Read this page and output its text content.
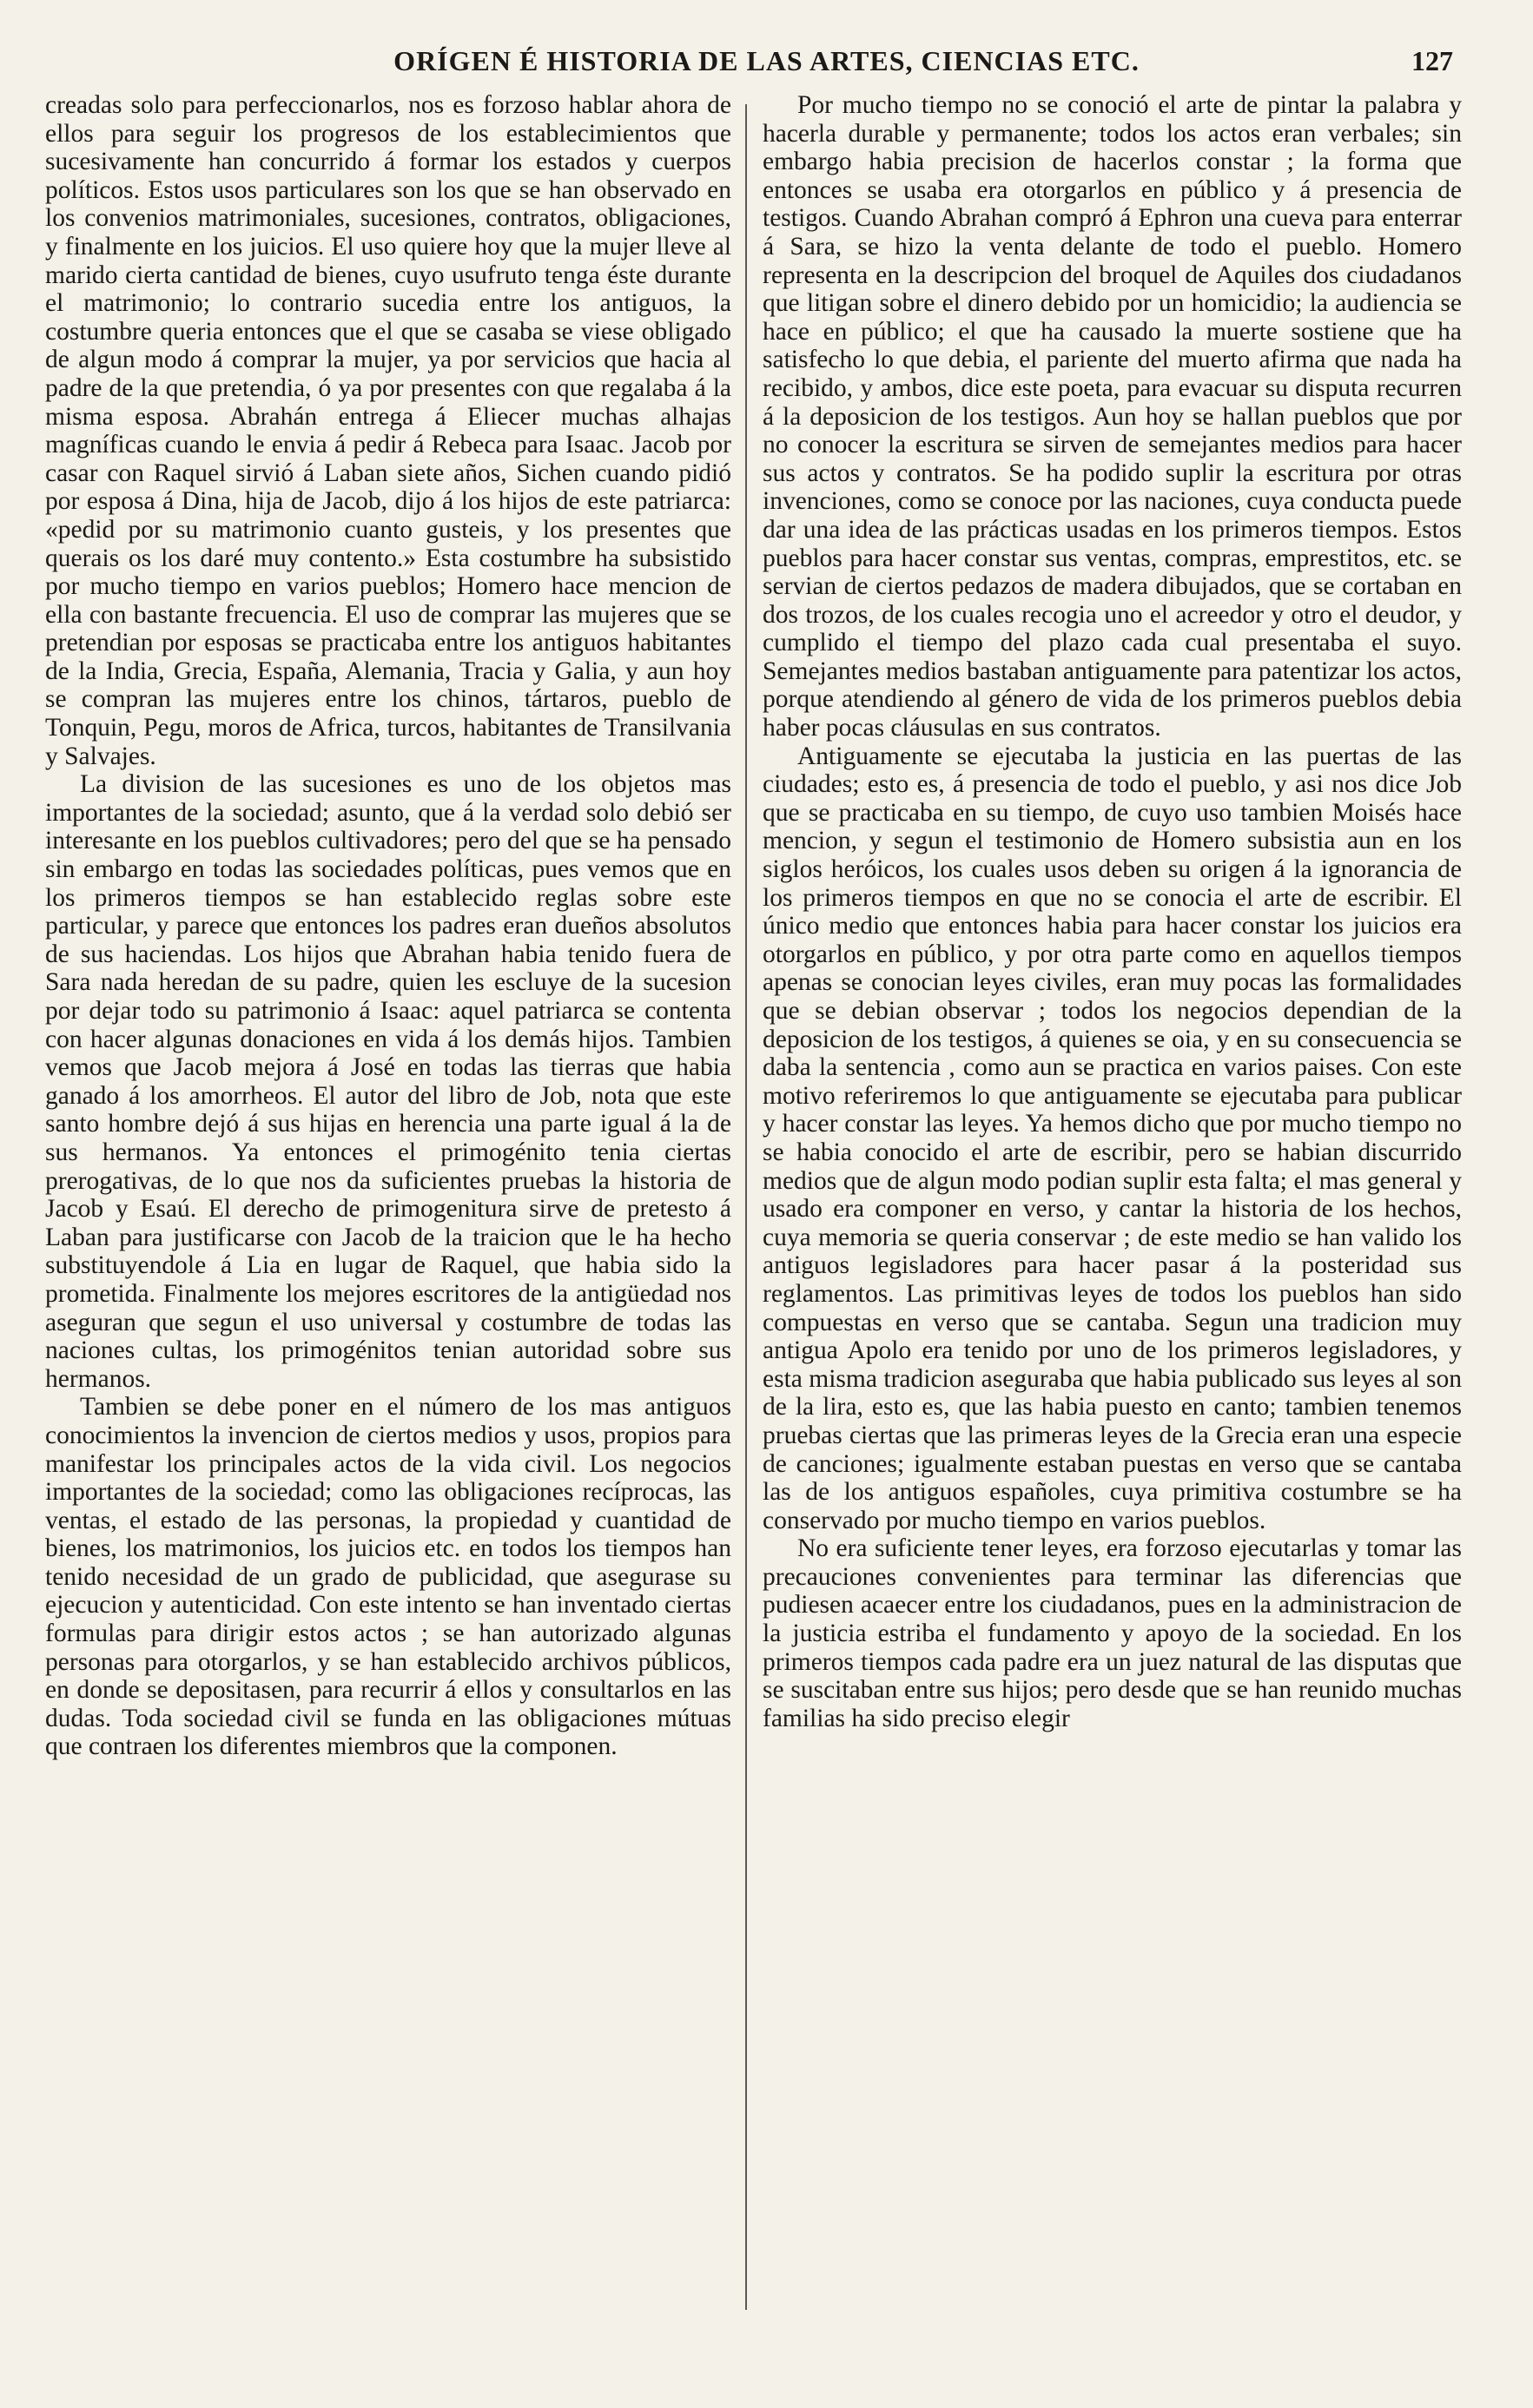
ORÍGEN É HISTORIA DE LAS ARTES, CIENCIAS ETC.	127

creadas solo para perfeccionarlos, nos es forzoso hablar ahora de ellos para seguir los progresos de los establecimientos que sucesivamente han concurrido á formar los estados y cuerpos políticos. Estos usos particulares son los que se han observado en los convenios matrimoniales, sucesiones, contratos, obligaciones, y finalmente en los juicios. El uso quiere hoy que la mujer lleve al marido cierta cantidad de bienes, cuyo usufruto tenga éste durante el matrimonio; lo contrario sucedia entre los antiguos, la costumbre queria entonces que el que se casaba se viese obligado de algun modo á comprar la mujer, ya por servicios que hacia al padre de la que pretendia, ó ya por presentes con que regalaba á la misma esposa. Abrahán entrega á Eliecer muchas alhajas magníficas cuando le envia á pedir á Rebeca para Isaac. Jacob por casar con Raquel sirvió á Laban siete años, Sichen cuando pidió por esposa á Dina, hija de Jacob, dijo á los hijos de este patriarca: «pedid por su matrimonio cuanto gusteis, y los presentes que querais os los daré muy contento.» Esta costumbre ha subsistido por mucho tiempo en varios pueblos; Homero hace mencion de ella con bastante frecuencia. El uso de comprar las mujeres que se pretendian por esposas se practicaba entre los antiguos habitantes de la India, Grecia, España, Alemania, Tracia y Galia, y aun hoy se compran las mujeres entre los chinos, tártaros, pueblo de Tonquin, Pegu, moros de Africa, turcos, habitantes de Transilvania y Salvajes.

La division de las sucesiones es uno de los objetos mas importantes de la sociedad; asunto, que á la verdad solo debió ser interesante en los pueblos cultivadores; pero del que se ha pensado sin embargo en todas las sociedades políticas, pues vemos que en los primeros tiempos se han establecido reglas sobre este particular, y parece que entonces los padres eran dueños absolutos de sus haciendas. Los hijos que Abrahan habia tenido fuera de Sara nada heredan de su padre, quien les escluye de la sucesion por dejar todo su patrimonio á Isaac: aquel patriarca se contenta con hacer algunas donaciones en vida á los demás hijos. Tambien vemos que Jacob mejora á José en todas las tierras que habia ganado á los amorrheos. El autor del libro de Job, nota que este santo hombre dejó á sus hijas en herencia una parte igual á la de sus hermanos. Ya entonces el primogénito tenia ciertas prerogativas, de lo que nos da suficientes pruebas la historia de Jacob y Esaú. El derecho de primogenitura sirve de pretesto á Laban para justificarse con Jacob de la traicion que le ha hecho substituyendole á Lia en lugar de Raquel, que habia sido la prometida. Finalmente los mejores escritores de la antigüedad nos aseguran que segun el uso universal y costumbre de todas las naciones cultas, los primogénitos tenian autoridad sobre sus hermanos.

Tambien se debe poner en el número de los mas antiguos conocimientos la invencion de ciertos medios y usos, propios para manifestar los principales actos de la vida civil. Los negocios importantes de la sociedad; como las obligaciones recíprocas, las ventas, el estado de las personas, la propiedad y cuantidad de bienes, los matrimonios, los juicios etc. en todos los tiempos han tenido necesidad de un grado de publicidad, que asegurase su ejecucion y autenticidad. Con este intento se han inventado ciertas formulas para dirigir estos actos ; se han autorizado algunas personas para otorgarlos, y se han establecido archivos públicos, en donde se depositasen, para recurrir á ellos y consultarlos en las dudas. Toda sociedad civil se funda en las obligaciones mútuas que contraen los diferentes miembros que la componen.

Por mucho tiempo no se conoció el arte de pintar la palabra y hacerla durable y permanente; todos los actos eran verbales; sin embargo habia precision de hacerlos constar ; la forma que entonces se usaba era otorgarlos en público y á presencia de testigos. Cuando Abrahan compró á Ephron una cueva para enterrar á Sara, se hizo la venta delante de todo el pueblo. Homero representa en la descripcion del broquel de Aquiles dos ciudadanos que litigan sobre el dinero debido por un homicidio; la audiencia se hace en público; el que ha causado la muerte sostiene que ha satisfecho lo que debia, el pariente del muerto afirma que nada ha recibido, y ambos, dice este poeta, para evacuar su disputa recurren á la deposicion de los testigos. Aun hoy se hallan pueblos que por no conocer la escritura se sirven de semejantes medios para hacer sus actos y contratos. Se ha podido suplir la escritura por otras invenciones, como se conoce por las naciones, cuya conducta puede dar una idea de las prácticas usadas en los primeros tiempos. Estos pueblos para hacer constar sus ventas, compras, emprestitos, etc. se servian de ciertos pedazos de madera dibujados, que se cortaban en dos trozos, de los cuales recogia uno el acreedor y otro el deudor, y cumplido el tiempo del plazo cada cual presentaba el suyo. Semejantes medios bastaban antiguamente para patentizar los actos, porque atendiendo al género de vida de los primeros pueblos debia haber pocas cláusulas en sus contratos.

Antiguamente se ejecutaba la justicia en las puertas de las ciudades; esto es, á presencia de todo el pueblo, y asi nos dice Job que se practicaba en su tiempo, de cuyo uso tambien Moisés hace mencion, y segun el testimonio de Homero subsistia aun en los siglos heróicos, los cuales usos deben su origen á la ignorancia de los primeros tiempos en que no se conocia el arte de escribir. El único medio que entonces habia para hacer constar los juicios era otorgarlos en público, y por otra parte como en aquellos tiempos apenas se conocian leyes civiles, eran muy pocas las formalidades que se debian observar ; todos los negocios dependian de la deposicion de los testigos, á quienes se oia, y en su consecuencia se daba la sentencia , como aun se practica en varios paises. Con este motivo referiremos lo que antiguamente se ejecutaba para publicar y hacer constar las leyes. Ya hemos dicho que por mucho tiempo no se habia conocido el arte de escribir, pero se habian discurrido medios que de algun modo podian suplir esta falta; el mas general y usado era componer en verso, y cantar la historia de los hechos, cuya memoria se queria conservar ; de este medio se han valido los antiguos legisladores para hacer pasar á la posteridad sus reglamentos. Las primitivas leyes de todos los pueblos han sido compuestas en verso que se cantaba. Segun una tradicion muy antigua Apolo era tenido por uno de los primeros legisladores, y esta misma tradicion aseguraba que habia publicado sus leyes al son de la lira, esto es, que las habia puesto en canto; tambien tenemos pruebas ciertas que las primeras leyes de la Grecia eran una especie de canciones; igualmente estaban puestas en verso que se cantaba las de los antiguos españoles, cuya primitiva costumbre se ha conservado por mucho tiempo en varios pueblos.

No era suficiente tener leyes, era forzoso ejecutarlas y tomar las precauciones convenientes para terminar las diferencias que pudiesen acaecer entre los ciudadanos, pues en la administracion de la justicia estriba el fundamento y apoyo de la sociedad. En los primeros tiempos cada padre era un juez natural de las disputas que se suscitaban entre sus hijos; pero desde que se han reunido muchas familias ha sido preciso elegir
